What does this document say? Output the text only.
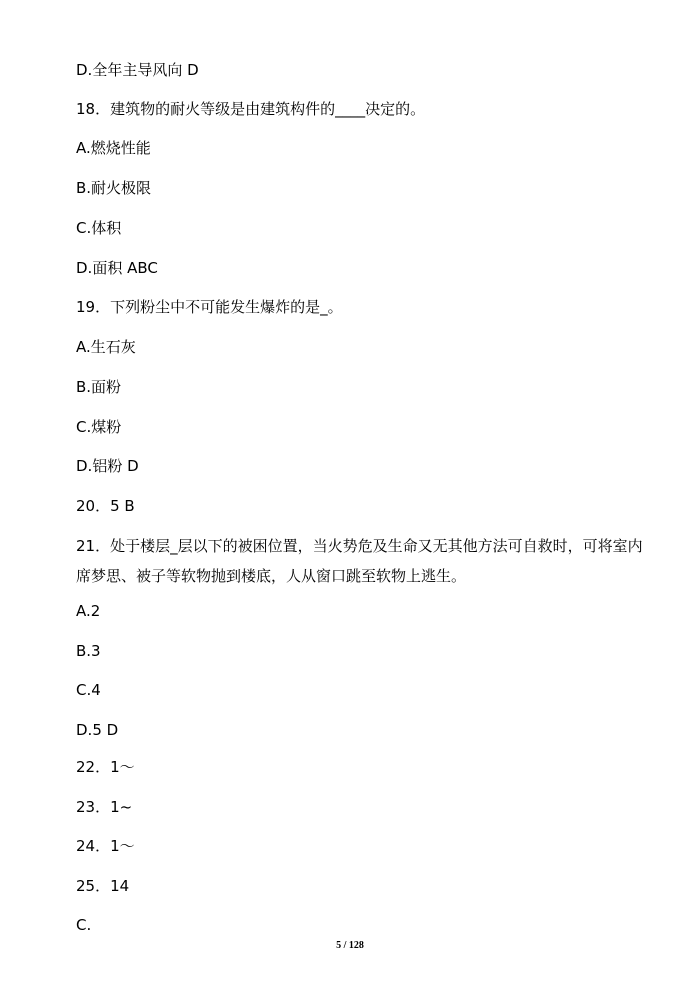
D.全年主导风向 D
18．建筑物的耐火等级是由建筑构件的____决定的。
A.燃烧性能
B.耐火极限
C.体积
D.面积 ABC
19．下列粉尘中不可能发生爆炸的是_。
A.生石灰
B.面粉
C.煤粉
D.铝粉 D
20．5 B
21．处于楼层_层以下的被困位置，当火势危及生命又无其他方法可自救时，可将室内席梦思、被子等软物抛到楼底，人从窗口跳至软物上逃生。
A.2
B.3
C.4
D.5 D
22．1～
23．1~
24．1～
25．14
C.
5 / 128
